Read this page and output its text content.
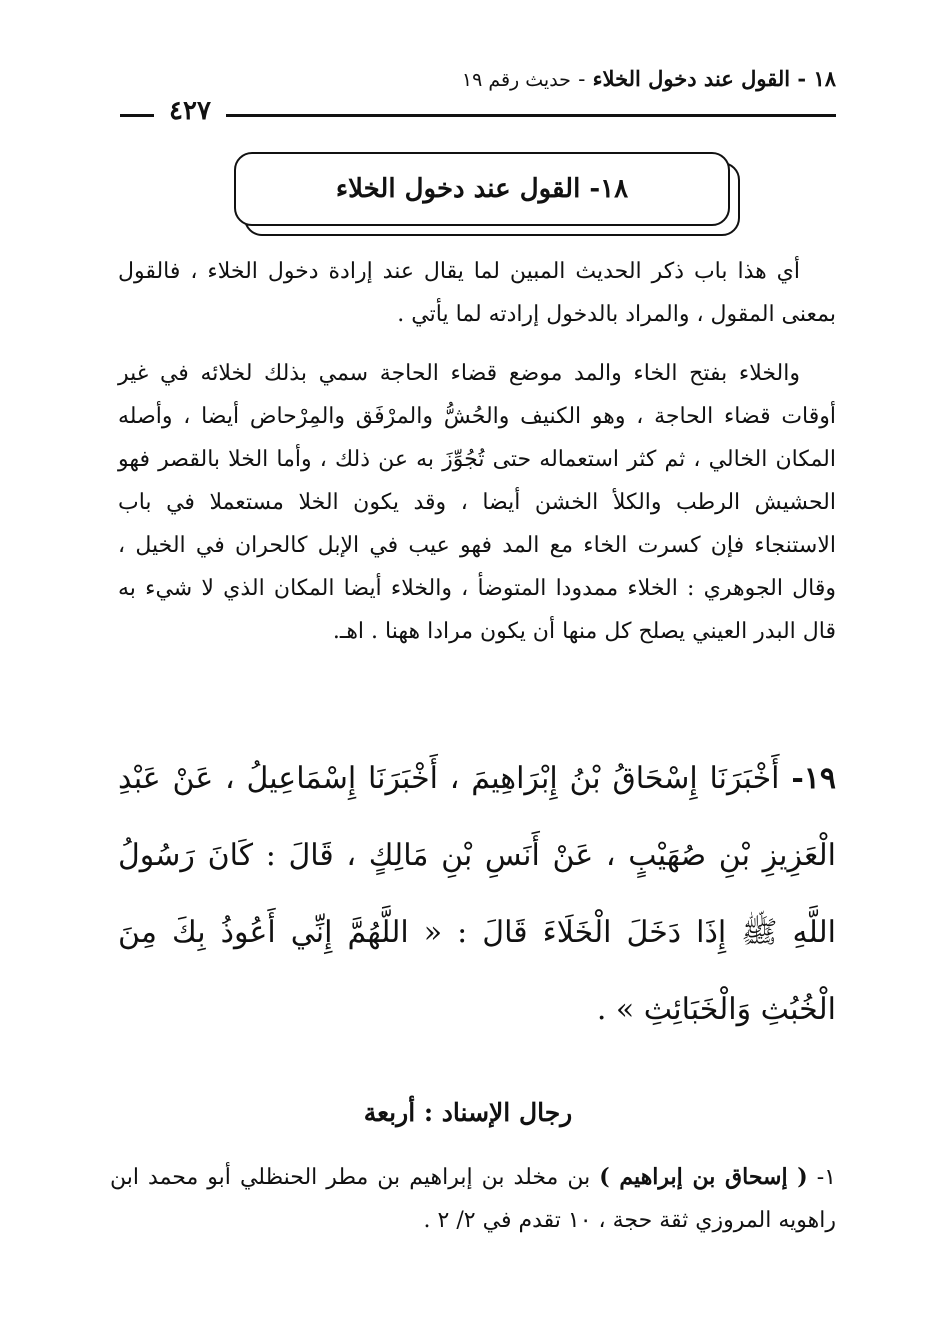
١٨ - القول عند دخول الخلاء - حديث رقم ١٩
٤٢٧
١٨- القول عند دخول الخلاء

أي هذا باب ذكر الحديث المبين لما يقال عند إرادة دخول الخلاء ، فالقول بمعنى المقول ، والمراد بالدخول إرادته لما يأتي .

والخلاء بفتح الخاء والمد موضع قضاء الحاجة سمي بذلك لخلائه في غير أوقات قضاء الحاجة ، وهو الكنيف والحُشُّ والمرْفَق والمِرْحاض أيضا ، وأصله المكان الخالي ، ثم كثر استعماله حتى تُجُوِّزَ به عن ذلك ، وأما الخلا بالقصر فهو الحشيش الرطب والكلأ الخشن أيضا ، وقد يكون الخلا مستعملا في باب الاستنجاء فإن كسرت الخاء مع المد فهو عيب في الإبل كالحران في الخيل ، وقال الجوهري : الخلاء ممدودا المتوضأ ، والخلاء أيضا المكان الذي لا شيء به قال البدر العيني يصلح كل منها أن يكون مرادا ههنا . اهـ.

١٩- أَخْبَرَنَا إِسْحَاقُ بْنُ إِبْرَاهِيمَ ، أَخْبَرَنَا إِسْمَاعِيلُ ، عَنْ عَبْدِ الْعَزِيزِ بْنِ صُهَيْبٍ ، عَنْ أَنَسِ بْنِ مَالِكٍ ، قَالَ : كَانَ رَسُولُ اللَّهِ ﷺ إِذَا دَخَلَ الْخَلَاءَ قَالَ : « اللَّهُمَّ إِنِّي أَعُوذُ بِكَ مِنَ الْخُبُثِ وَالْخَبَائِثِ » .
رجال الإسناد : أربعة
١- ( إسحاق بن إبراهيم ) بن مخلد بن إبراهيم بن مطر الحنظلي أبو محمد ابن راهويه المروزي ثقة حجة ، ١٠ تقدم في ٢/ ٢ .
